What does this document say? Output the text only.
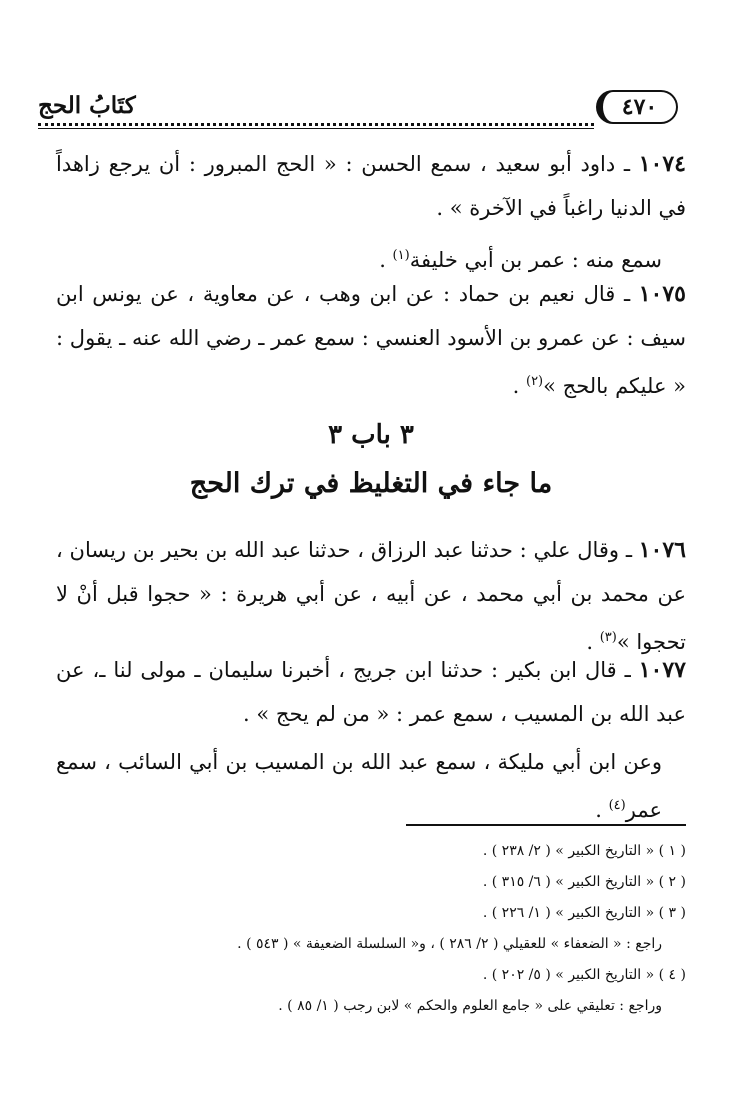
٤٧٠
كتَابُ الحج

١٠٧٤ ـ داود أبو سعيد ، سمع الحسن : « الحج المبرور : أن يرجع زاهداً في الدنيا راغباً في الآخرة » .

سمع منه : عمر بن أبي خليفة$^{(١)}$ .

١٠٧٥ ـ قال نعيم بن حماد : عن ابن وهب ، عن معاوية ، عن يونس ابن سيف : عن عمرو بن الأسود العنسي : سمع عمر ـ رضي الله عنه ـ يقول : « عليكم بالحج »$^{(٢)}$ .

٣ باب ٣
ما جاء في التغليظ في ترك الحج

١٠٧٦ ـ وقال علي : حدثنا عبد الرزاق ، حدثنا عبد الله بن بحير بن ريسان ، عن محمد بن أبي محمد ، عن أبيه ، عن أبي هريرة : « حجوا قبل أنْ لا تحجوا »$^{(٣)}$ .

١٠٧٧ ـ قال ابن بكير : حدثنا ابن جريج ، أخبرنا سليمان ـ مولى لنا ـ، عن عبد الله بن المسيب ، سمع عمر : « من لم يحج » .

وعن ابن أبي مليكة ، سمع عبد الله بن المسيب بن أبي السائب ، سمع عمر$^{(٤)}$ .

( ١ ) « التاريخ الكبير » ( ٢/ ٢٣٨ ) .

( ٢ ) « التاريخ الكبير » ( ٦/ ٣١٥ ) .

( ٣ ) « التاريخ الكبير » ( ١/ ٢٢٦ ) .

راجع : « الضعفاء » للعقيلي ( ٢/ ٢٨٦ ) ، و« السلسلة الضعيفة » ( ٥٤٣ ) .

( ٤ ) « التاريخ الكبير » ( ٥/ ٢٠٢ ) .

وراجع : تعليقي على « جامع العلوم والحكم » لابن رجب ( ١/ ٨٥ ) .
